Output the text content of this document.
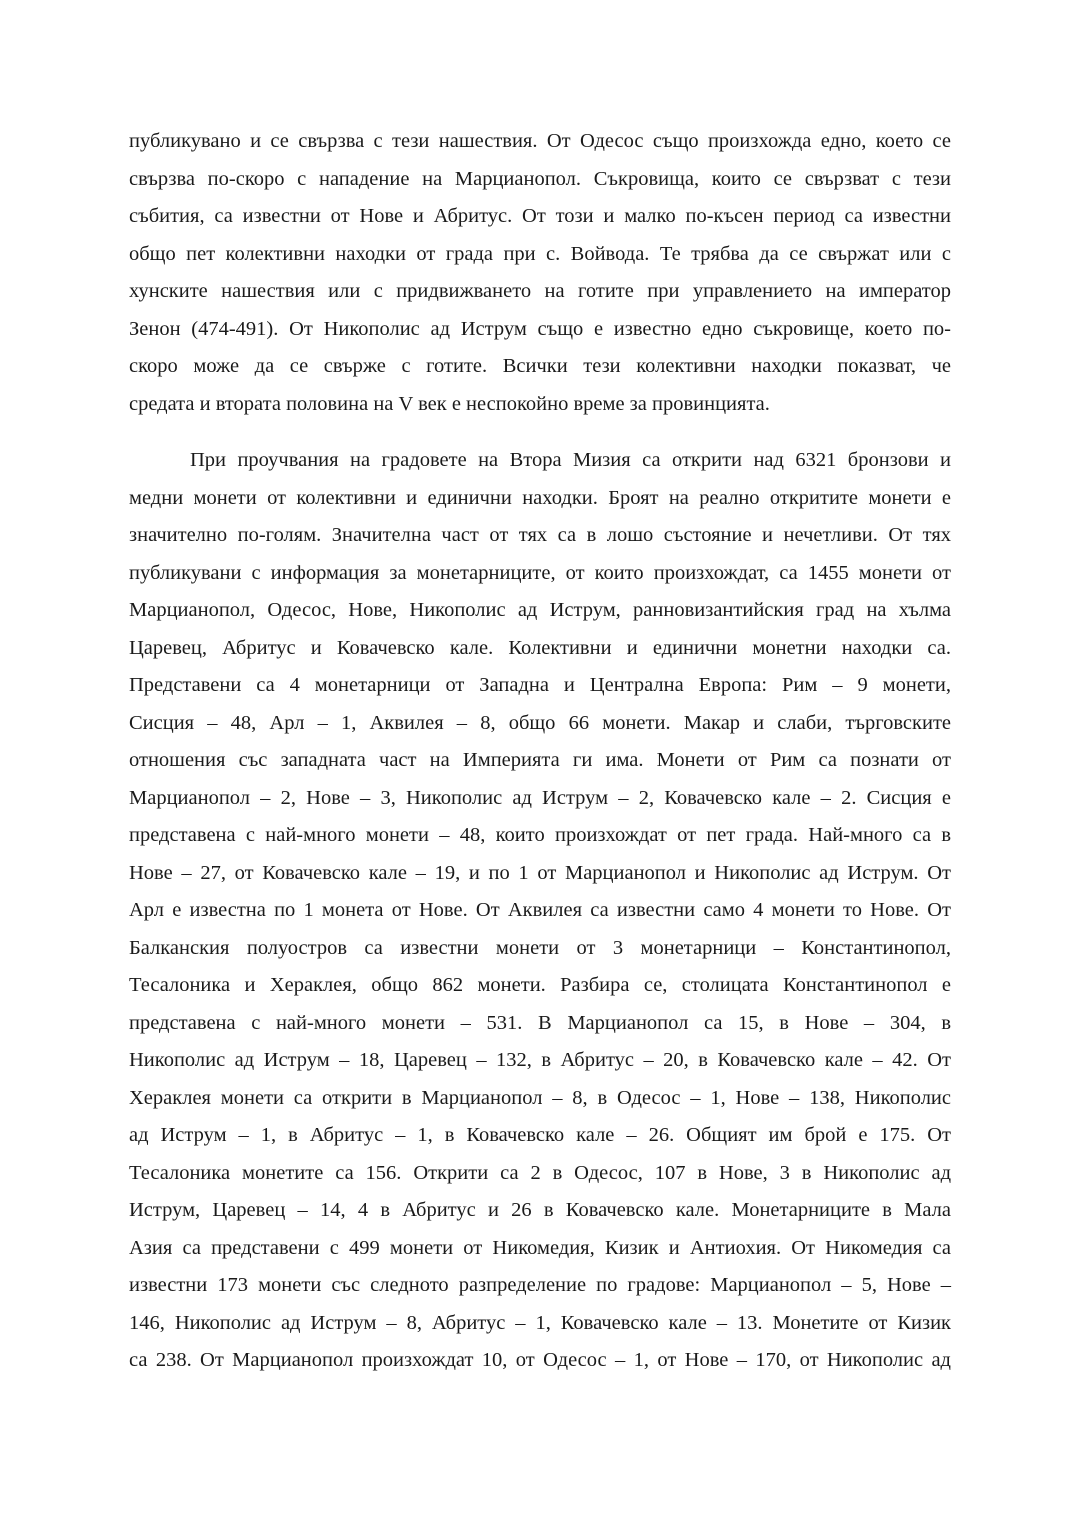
публикувано и се свързва с тези нашествия. От Одесос също произхожда едно, което се
свързва по-скоро с нападение на Марцианопол. Съкровища, които се свързват с тези
събития, са известни от Нове и Абритус. От този и малко по-късен период са известни
общо пет колективни находки от града при с. Войвода. Те трябва да се свържат или с
хунските нашествия или с придвижването на готите при управлението на император
Зенон (474-491). От Никополис ад Иструм също е известно едно съкровище, което по-
скоро може да се свърже с готите. Всички тези колективни находки показват, че
средата и втората половина на V век е неспокойно време за провинцията.
При проучвания на градовете на Втора Мизия са открити над 6321 бронзови и
медни монети от колективни и единични находки. Броят на реално откритите монети е
значително по-голям. Значителна част от тях са в лошо състояние и нечетливи. От тях
публикувани с информация за монетарниците, от които произхождат, са 1455 монети от
Марцианопол, Одесос, Нове, Никополис ад Иструм, ранновизантийския град на хълма
Царевец, Абритус и Ковачевско кале. Колективни и единични монетни находки са.
Представени са 4 монетарници от Западна и Централна Европа: Рим – 9 монети,
Сисция – 48, Арл – 1, Аквилея – 8, общо 66 монети. Макар и слаби, търговските
отношения със западната част на Империята ги има. Монети от Рим са познати от
Марцианопол – 2, Нове – 3, Никополис ад Иструм – 2, Ковачевско кале – 2. Сисция е
представена с най-много монети – 48, които произхождат от пет града. Най-много са в
Нове – 27, от Ковачевско кале – 19, и по 1 от Марцианопол и Никополис ад Иструм. От
Арл е известна по 1 монета от Нове. От Аквилея са известни само 4 монети то Нове. От
Балканския полуостров са известни монети от 3 монетарници – Константинопол,
Тесалоника и Хераклея, общо 862 монети. Разбира се, столицата Константинопол е
представена с най-много монети – 531. В Марцианопол са 15, в Нове – 304, в
Никополис ад Иструм – 18, Царевец – 132, в Абритус – 20, в Ковачевско кале – 42. От
Хераклея монети са открити в Марцианопол – 8, в Одесос – 1, Нове – 138, Никополис
ад Иструм – 1, в Абритус – 1, в Ковачевско кале – 26. Общият им брой е 175. От
Тесалоника монетите са 156. Открити са 2 в Одесос, 107 в Нове, 3 в Никополис ад
Иструм, Царевец – 14, 4 в Абритус и 26 в Ковачевско кале. Монетарниците в Мала
Азия са представени с 499 монети от Никомедия, Кизик и Антиохия. От Никомедия са
известни 173 монети със следното разпределение по градове: Марцианопол – 5, Нове –
146, Никополис ад Иструм – 8, Абритус – 1, Ковачевско кале – 13. Монетите от Кизик
са 238. От Марцианопол произхождат 10, от Одесос – 1, от Нове – 170, от Никополис ад
